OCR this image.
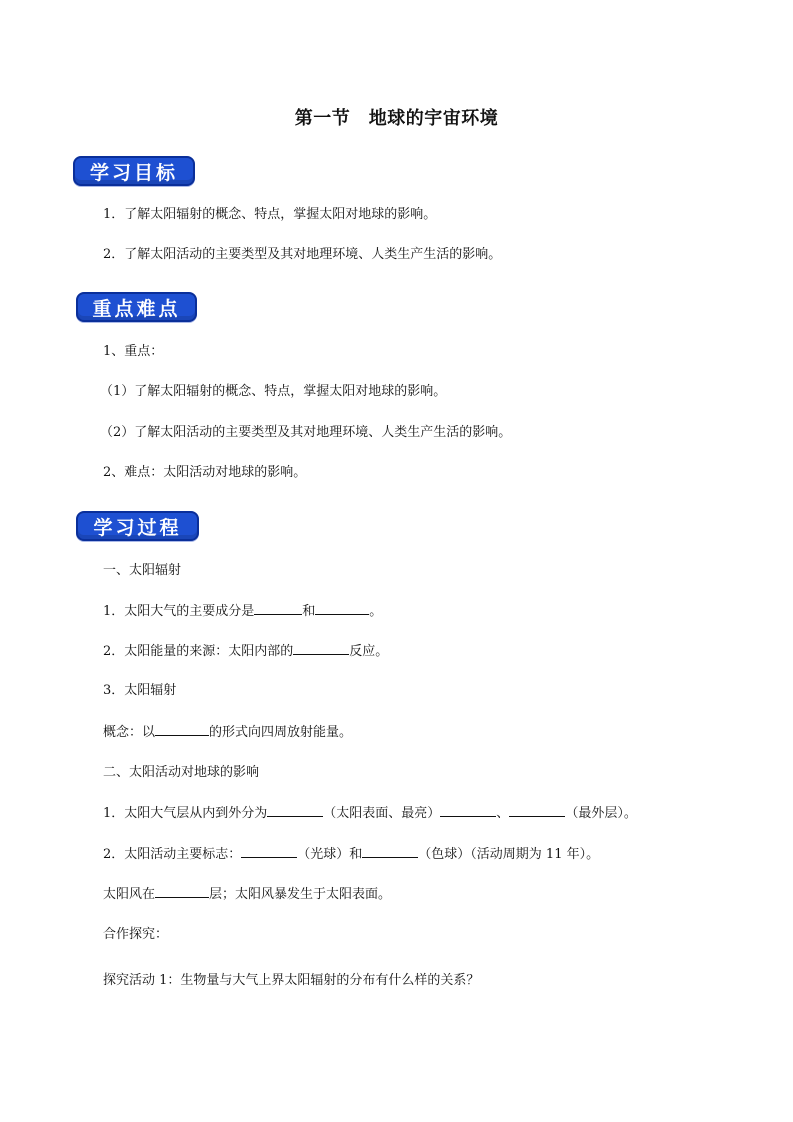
第一节　地球的宇宙环境
学习目标
1．了解太阳辐射的概念、特点，掌握太阳对地球的影响。
2．了解太阳活动的主要类型及其对地理环境、人类生产生活的影响。
重点难点
1、重点：
（1）了解太阳辐射的概念、特点，掌握太阳对地球的影响。
（2）了解太阳活动的主要类型及其对地理环境、人类生产生活的影响。
2、难点：太阳活动对地球的影响。
学习过程
一、太阳辐射
1．太阳大气的主要成分是	和	。
2．太阳能量的来源：太阳内部的	反应。
3．太阳辐射
概念：以	的形式向四周放射能量。
二、太阳活动对地球的影响
1．太阳大气层从内到外分为	（太阳表面、最亮）	、	（最外层）。
2．太阳活动主要标志：	（光球）和	（色球）（活动周期为 11 年）。
太阳风在	层；太阳风暴发生于太阳表面。
合作探究：
探究活动 1：生物量与大气上界太阳辐射的分布有什么样的关系？
